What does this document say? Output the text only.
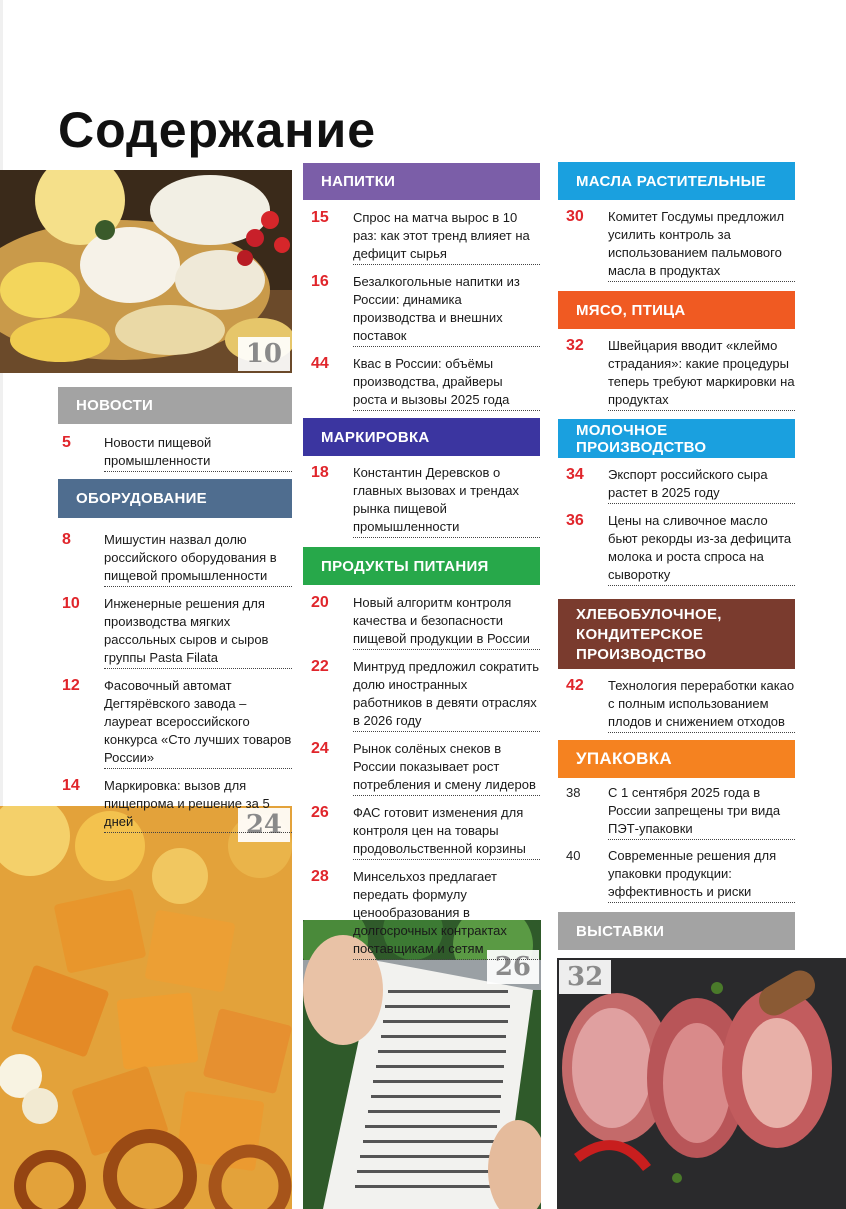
Содержание
10
24
26	32
НОВОСТИ
5	Новости пищевой промышленности
ОБОРУДОВАНИЕ
8	Мишустин назвал долю российского оборудования в пищевой промышленности
10	Инженерные решения для производства мягких рассольных сыров и сыров группы Pasta Filata
12	Фасовочный автомат Дегтярёвского завода – лауреат всероссийского конкурса «Сто лучших товаров России»
14	Маркировка: вызов для пищепрома и решение за 5 дней
НАПИТКИ
15	Спрос на матча вырос в 10 раз: как этот тренд влияет на дефицит сырья
16	Безалкогольные напитки из России: динамика производства и внешних поставок
44	Квас в России: объёмы производства, драйверы роста и вызовы 2025 года
МАРКИРОВКА
18	Константин Деревсков о главных вызовах и трендах рынка пищевой промышленности
ПРОДУКТЫ ПИТАНИЯ
20	Новый алгоритм контроля качества и безопасности пищевой продукции в России
22	Минтруд предложил сократить долю иностранных работников в девяти отраслях в 2026 году
24	Рынок солёных снеков в России показывает рост потребления и смену лидеров
26	ФАС готовит изменения для контроля цен на товары продовольственной корзины
28	Минсельхоз предлагает передать формулу ценообразования в долгосрочных контрактах поставщикам и сетям
МАСЛА РАСТИТЕЛЬНЫЕ
30	Комитет Госдумы предложил усилить контроль за использованием пальмового масла в продуктах
МЯСО, ПТИЦА
32	Швейцария вводит «клеймо страдания»: какие процедуры теперь требуют маркировки на продуктах
МОЛОЧНОЕ ПРОИЗВОДСТВО
34	Экспорт российского сыра растет в 2025 году
36	Цены на сливочное масло бьют рекорды из-за дефицита молока и роста спроса на сыворотку
ХЛЕБОБУЛОЧНОЕ, КОНДИТЕРСКОЕ ПРОИЗВОДСТВО
42	Технология переработки какао с полным использованием плодов и снижением отходов
УПАКОВКА
38	С 1 сентября 2025 года в России запрещены три вида ПЭТ-упаковки
40	Современные решения для упаковки продукции: эффективность и риски
ВЫСТАВКИ
